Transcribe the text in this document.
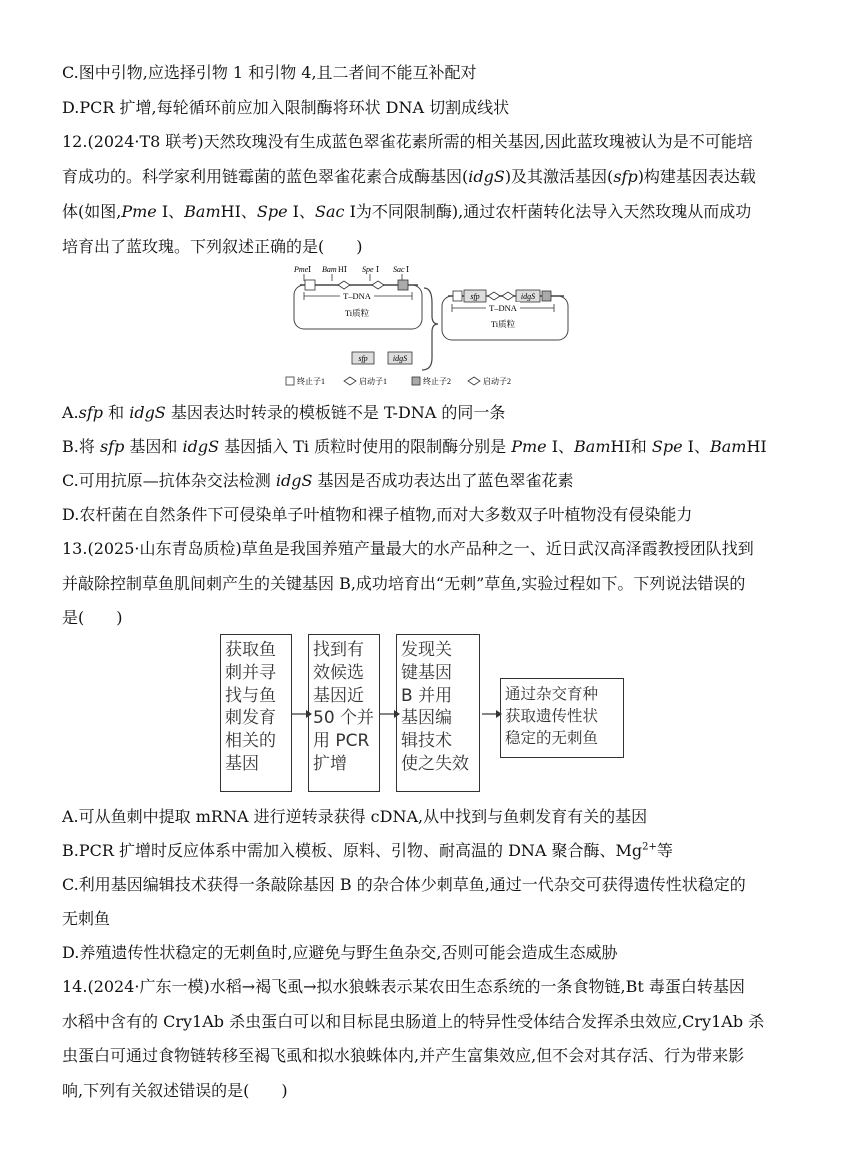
C.图中引物,应选择引物 1 和引物 4,且二者间不能互补配对
D.PCR 扩增,每轮循环前应加入限制酶将环状 DNA 切割成线状
12.(2024·T8 联考)天然玫瑰没有生成蓝色翠雀花素所需的相关基因,因此蓝玫瑰被认为是不可能培
育成功的。科学家利用链霉菌的蓝色翠雀花素合成酶基因(idgS)及其激活基因(sfp)构建基因表达载
体(如图,Pme Ⅰ、BamHⅠ、Spe Ⅰ、Sac Ⅰ为不同限制酶),通过农杆菌转化法导入天然玫瑰从而成功
培育出了蓝玫瑰。下列叙述正确的是(　　)
Pme Ⅰ Bam HⅠ Spe Ⅰ Sac Ⅰ
T–DNA
Ti质粒
sfp	idgS
sfp	idgS
T–DNA
Ti质粒
终止子1	启动子1	终止子2	启动子2
A.sfp 和 idgS 基因表达时转录的模板链不是 T-DNA 的同一条
B.将 sfp 基因和 idgS 基因插入 Ti 质粒时使用的限制酶分别是 Pme Ⅰ、BamHⅠ和 Spe Ⅰ、BamHⅠ
C.可用抗原—抗体杂交法检测 idgS 基因是否成功表达出了蓝色翠雀花素
D.农杆菌在自然条件下可侵染单子叶植物和裸子植物,而对大多数双子叶植物没有侵染能力
13.(2025·山东青岛质检)草鱼是我国养殖产量最大的水产品种之一、近日武汉高泽霞教授团队找到
并敲除控制草鱼肌间刺产生的关键基因 B,成功培育出“无刺”草鱼,实验过程如下。下列说法错误的
是(　　)
获取鱼
刺并寻
找与鱼
刺发育
相关的
基因
找到有
效候选
基因近
50 个并
用 PCR
扩增
发现关
键基因
B 并用
基因编
辑技术
使之失效
通过杂交育种
获取遗传性状
稳定的无刺鱼
A.可从鱼刺中提取 mRNA 进行逆转录获得 cDNA,从中找到与鱼刺发育有关的基因
B.PCR 扩增时反应体系中需加入模板、原料、引物、耐高温的 DNA 聚合酶、$Mg^{2+}$等
C.利用基因编辑技术获得一条敲除基因 B 的杂合体少刺草鱼,通过一代杂交可获得遗传性状稳定的
无刺鱼
D.养殖遗传性状稳定的无刺鱼时,应避免与野生鱼杂交,否则可能会造成生态威胁
14.(2024·广东一模)水稻→褐飞虱→拟水狼蛛表示某农田生态系统的一条食物链,Bt 毒蛋白转基因
水稻中含有的 Cry1Ab 杀虫蛋白可以和目标昆虫肠道上的特异性受体结合发挥杀虫效应,Cry1Ab 杀
虫蛋白可通过食物链转移至褐飞虱和拟水狼蛛体内,并产生富集效应,但不会对其存活、行为带来影
响,下列有关叙述错误的是(　　)
